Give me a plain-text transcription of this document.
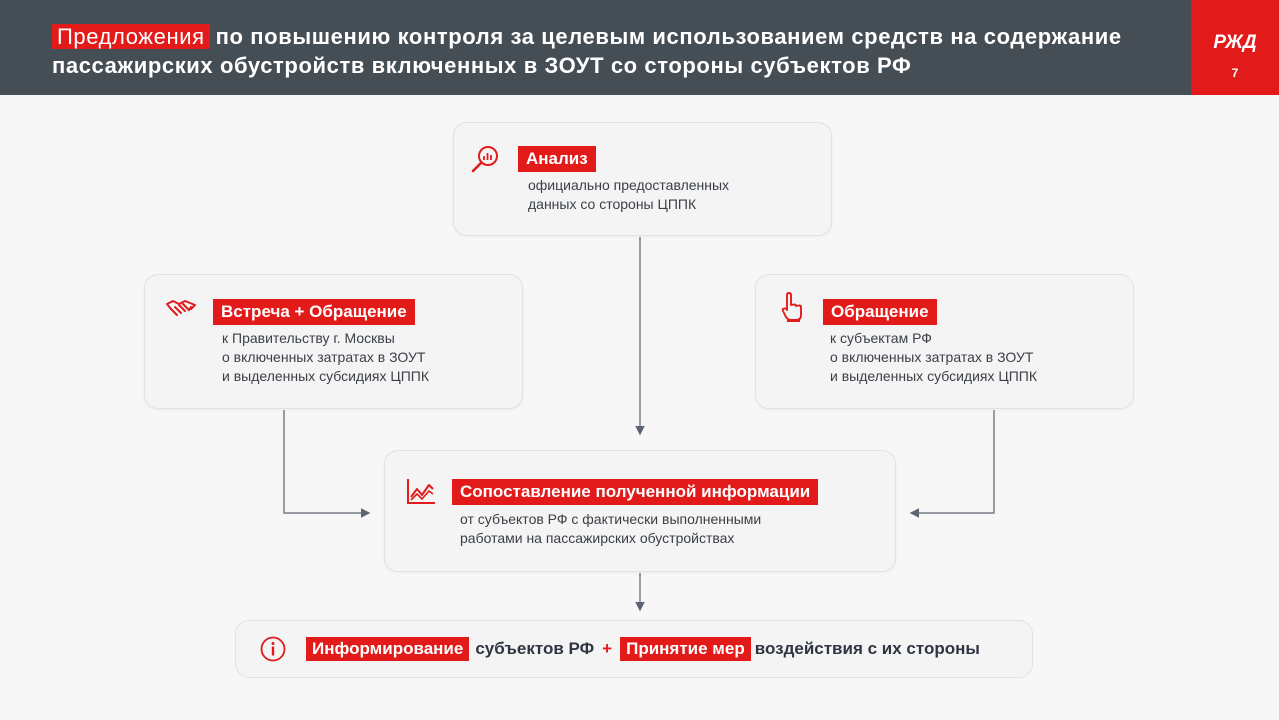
Предложения по повышению контроля за целевым использованием средств на содержание пассажирских обустройств включенных в ЗОУТ со стороны субъектов РФ
РЖД
7
Анализ
официально предоставленных
данных со стороны ЦППК
Встреча + Обращение
к Правительству г. Москвы
о включенных затратах в ЗОУТ
и выделенных субсидиях ЦППК
Обращение
к субъектам РФ
о включенных затратах в ЗОУТ
и выделенных субсидиях ЦППК
Сопоставление полученной информации
от субъектов РФ с фактически выполненными
работами на пассажирских обустройствах
Информирование субъектов РФ + Принятие мер воздействия с их стороны
